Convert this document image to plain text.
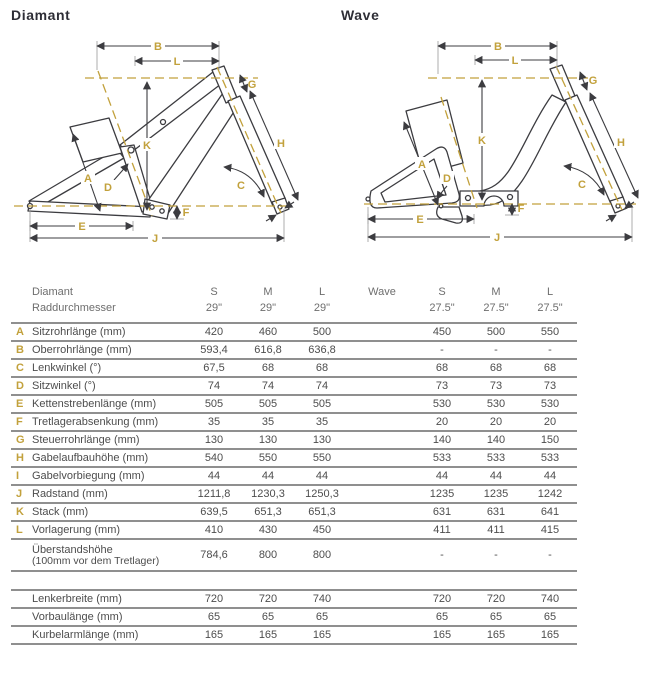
Diamant	Wave
B
L
K
A
D
E
F
J
G
H
C
B
L
K
A
D
E
F
J
G
H
C
Diamant	S	M	L	Wave	S	M	L
Raddurchmesser	29"	29"	29"	27.5"	27.5"	27.5"
A Sitzrohrlänge (mm)	420	460	500	450	500	550
B Oberrohrlänge (mm)	593,4	616,8	636,8	-	-	-
C Lenkwinkel (°)	67,5	68	68	68	68	68
D Sitzwinkel (°)	74	74	74	73	73	73
E Kettenstrebenlänge (mm)	505	505	505	530	530	530
F Tretlagerabsenkung (mm)	35	35	35	20	20	20
G Steuerrohrlänge (mm)	130	130	130	140	140	150
H Gabelaufbauhöhe (mm)	540	550	550	533	533	533
I	Gabelvorbiegung (mm)	44	44	44	44	44	44
J Radstand (mm)	1211,8	1230,3	1250,3	1235	1235	1242
K Stack (mm)	639,5	651,3	651,3	631	631	641
L Vorlagerung (mm)	410	430	450	411	411	415
Überstandshöhe
(100mm vor dem Tretlager)	784,6	800	800	-	-	-
Lenkerbreite (mm)	720	720	740	720	720	740
Vorbaulänge (mm)	65	65	65	65	65	65
Kurbelarmlänge (mm)	165	165	165	165	165	165
